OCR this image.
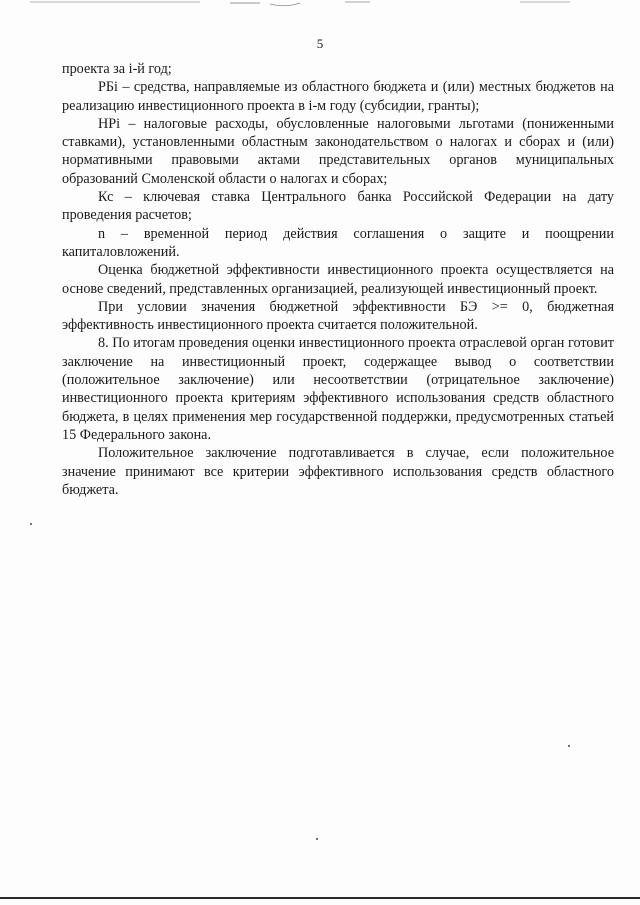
5

проекта за i-й год;

РБi – средства, направляемые из областного бюджета и (или) местных бюджетов на реализацию инвестиционного проекта в i-м году (субсидии, гранты);

НРi – налоговые расходы, обусловленные налоговыми льготами (пониженными ставками), установленными областным законодательством о налогах и сборах и (или) нормативными правовыми актами представительных органов муниципальных образований Смоленской области о налогах и сборах;

Кс – ключевая ставка Центрального банка Российской Федерации на дату проведения расчетов;

n – временной период действия соглашения о защите и поощрении капиталовложений.

Оценка бюджетной эффективности инвестиционного проекта осуществляется на основе сведений, представленных организацией, реализующей инвестиционный проект.

При условии значения бюджетной эффективности БЭ >= 0, бюджетная эффективность инвестиционного проекта считается положительной.

8. По итогам проведения оценки инвестиционного проекта отраслевой орган готовит заключение на инвестиционный проект, содержащее вывод о соответствии (положительное заключение) или несоответствии (отрицательное заключение) инвестиционного проекта критериям эффективного использования средств областного бюджета, в целях применения мер государственной поддержки, предусмотренных статьей 15 Федерального закона.

Положительное заключение подготавливается в случае, если положительное значение принимают все критерии эффективного использования средств областного бюджета.
